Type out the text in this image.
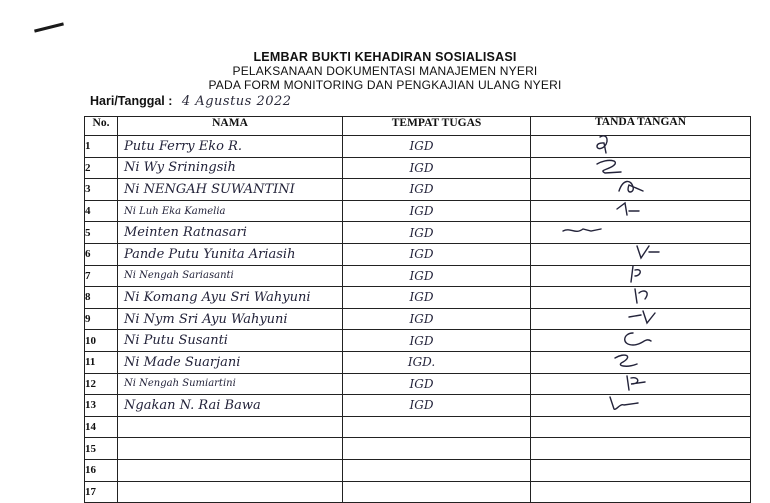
LEMBAR BUKTI KEHADIRAN SOSIALISASI
PELAKSANAAN DOKUMENTASI MANAJEMEN NYERI
PADA FORM MONITORING DAN PENGKAJIAN ULANG NYERI
Hari/Tanggal : 4 Agustus 2022
No.	NAMA	TEMPAT TUGAS	TANDA TANGAN

1	Putu Ferry Eko R.	IGD

2	Ni Wy Sriningsih	IGD

3	Ni NENGAH SUWANTINI	IGD

4	Ni Luh Eka Kamelia	IGD

5	Meinten Ratnasari	IGD

6	Pande Putu Yunita Ariasih	IGD

7	Ni Nengah Sariasanti	IGD

8	Ni Komang Ayu Sri Wahyuni	IGD

9	Ni Nym Sri Ayu Wahyuni	IGD

10	Ni Putu Susanti	IGD

11	Ni Made Suarjani	IGD.

12	Ni Nengah Sumiartini	IGD

13	Ngakan N. Rai Bawa	IGD

14	

15	

16	

17	
